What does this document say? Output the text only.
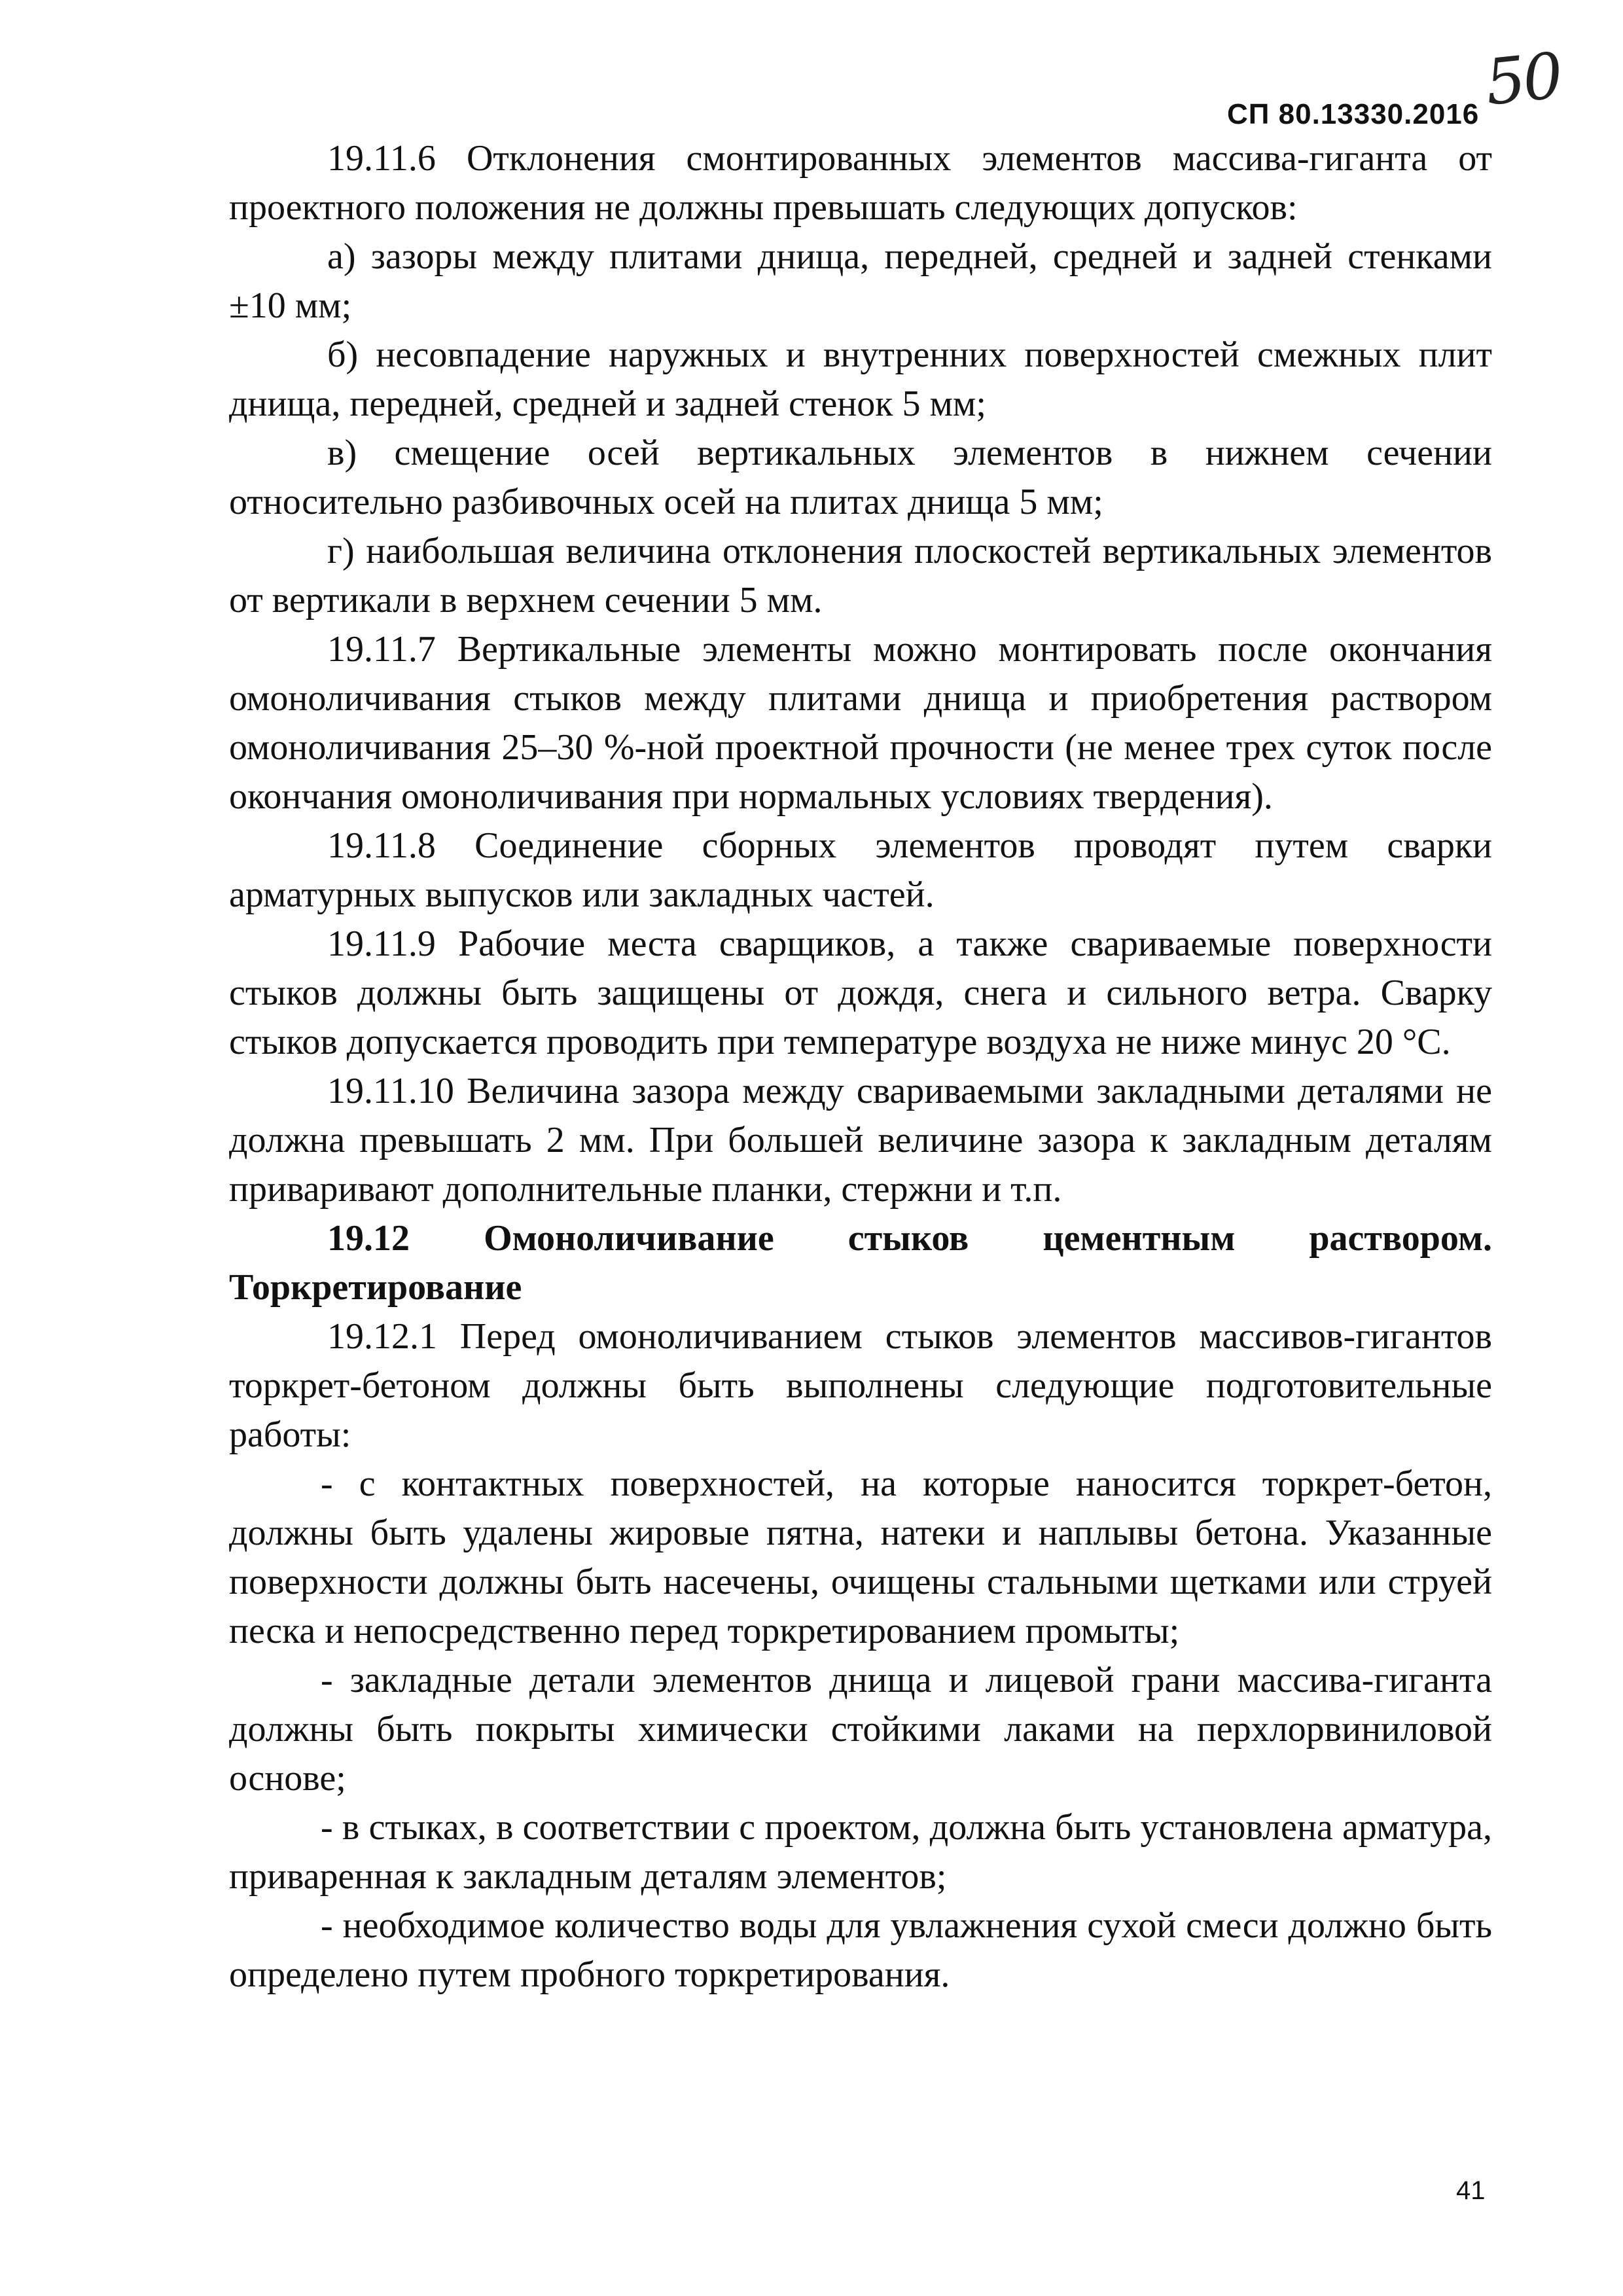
50
СП 80.13330.2016

19.11.6 Отклонения смонтированных элементов массива-гиганта от проектного положения не должны превышать следующих допусков:

а) зазоры между плитами днища, передней, средней и задней стенками ±10 мм;

б) несовпадение наружных и внутренних поверхностей смежных плит днища, передней, средней и задней стенок 5 мм;

в) смещение осей вертикальных элементов в нижнем сечении относительно разбивочных осей на плитах днища 5 мм;

г) наибольшая величина отклонения плоскостей вертикальных элементов от вертикали в верхнем сечении 5 мм.

19.11.7 Вертикальные элементы можно монтировать после окончания омоноличивания стыков между плитами днища и приобретения раствором омоноличивания 25–30 %-ной проектной прочности (не менее трех суток после окончания омоноличивания при нормальных условиях твердения).

19.11.8 Соединение сборных элементов проводят путем сварки арматурных выпусков или закладных частей.

19.11.9 Рабочие места сварщиков, а также свариваемые поверхности стыков должны быть защищены от дождя, снега и сильного ветра. Сварку стыков допускается проводить при температуре воздуха не ниже минус 20 °С.

19.11.10 Величина зазора между свариваемыми закладными деталями не должна превышать 2 мм. При большей величине зазора к закладным деталям приваривают дополнительные планки, стержни и т.п.

19.12 Омоноличивание стыков цементным раствором. Торкретирование

19.12.1 Перед омоноличиванием стыков элементов массивов-гигантов торкрет-бетоном должны быть выполнены следующие подготовительные работы:

- с контактных поверхностей, на которые наносится торкрет-бетон, должны быть удалены жировые пятна, натеки и наплывы бетона. Указанные поверхности должны быть насечены, очищены стальными щетками или струей песка и непосредственно перед торкретированием промыты;

- закладные детали элементов днища и лицевой грани массива-гиганта должны быть покрыты химически стойкими лаками на перхлорвиниловой основе;

- в стыках, в соответствии с проектом, должна быть установлена арматура, приваренная к закладным деталям элементов;

- необходимое количество воды для увлажнения сухой смеси должно быть определено путем пробного торкретирования.

41
